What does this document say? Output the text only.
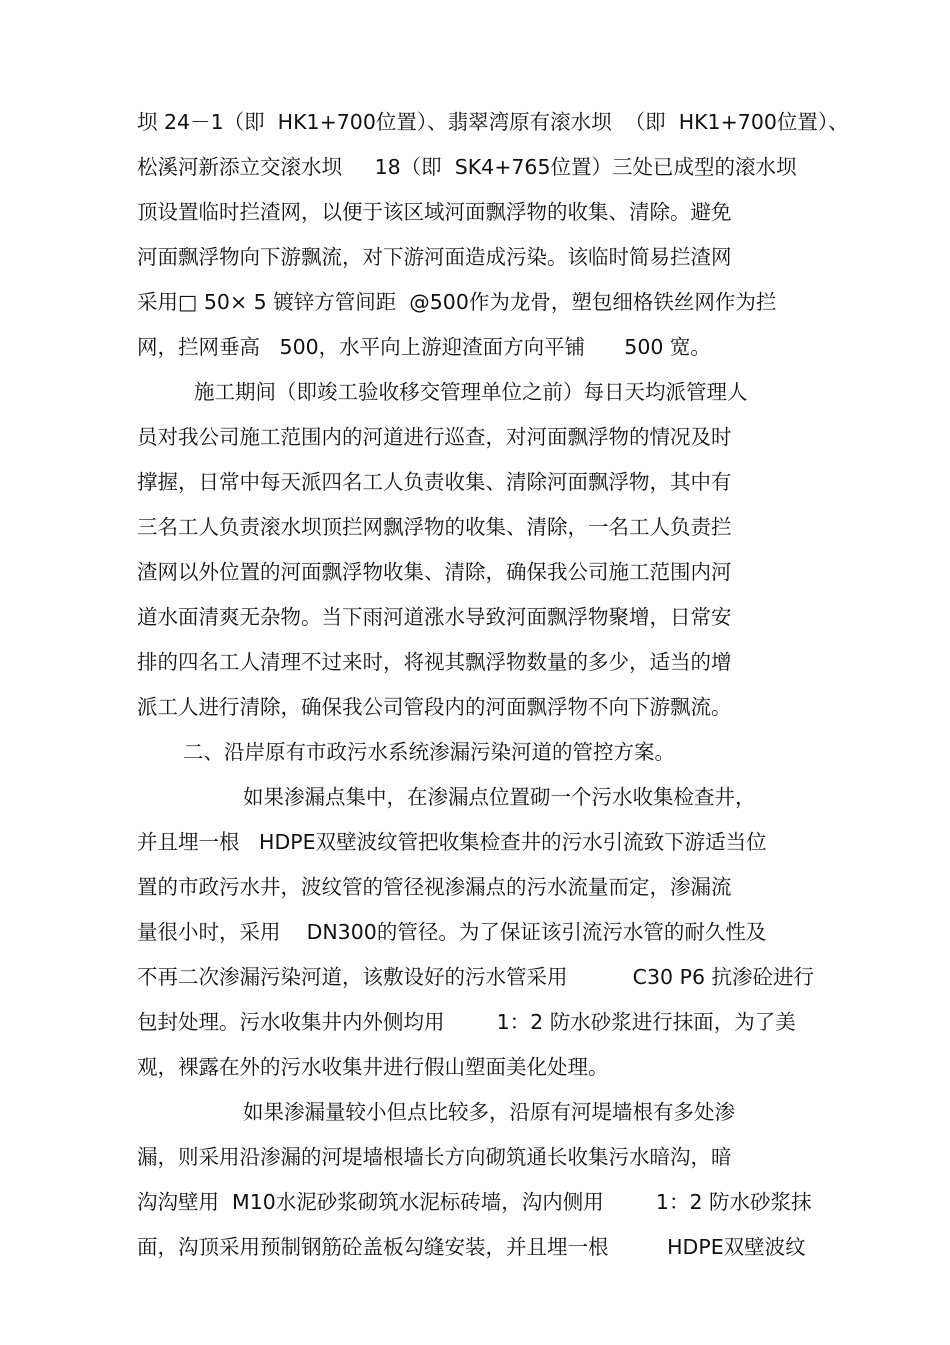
坝 24－1（即  HK1+700位置）、翡翠湾原有滚水坝  （即  HK1+700位置）、

松溪河新添立交滚水坝     18（即  SK4+765位置）三处已成型的滚水坝

顶设置临时拦渣网，以便于该区域河面飘浮物的收集、清除。避免

河面飘浮物向下游飘流，对下游河面造成污染。该临时简易拦渣网

采用□ 50× 5 镀锌方管间距  @500作为龙骨，塑包细格铁丝网作为拦

网，拦网垂高   500，水平向上游迎渣面方向平铺      500 宽。

施工期间（即竣工验收移交管理单位之前）每日天均派管理人

员对我公司施工范围内的河道进行巡查，对河面飘浮物的情况及时

撑握，日常中每天派四名工人负责收集、清除河面飘浮物，其中有

三名工人负责滚水坝顶拦网飘浮物的收集、清除，一名工人负责拦

渣网以外位置的河面飘浮物收集、清除，确保我公司施工范围内河

道水面清爽无杂物。当下雨河道涨水导致河面飘浮物聚增，日常安

排的四名工人清理不过来时，将视其飘浮物数量的多少，适当的增

派工人进行清除，确保我公司管段内的河面飘浮物不向下游飘流。

二、沿岸原有市政污水系统渗漏污染河道的管控方案。

如果渗漏点集中，在渗漏点位置砌一个污水收集检查井，

并且埋一根   HDPE双壁波纹管把收集检查井的污水引流致下游适当位

置的市政污水井，波纹管的管径视渗漏点的污水流量而定，渗漏流

量很小时，采用    DN300的管径。为了保证该引流污水管的耐久性及

不再二次渗漏污染河道，该敷设好的污水管采用          C30 P6 抗渗砼进行

包封处理。污水收集井内外侧均用        1：2 防水砂浆进行抹面，为了美

观，裸露在外的污水收集井进行假山塑面美化处理。

如果渗漏量较小但点比较多，沿原有河堤墙根有多处渗

漏，则采用沿渗漏的河堤墙根墙长方向砌筑通长收集污水暗沟，暗

沟沟壁用  M10水泥砂浆砌筑水泥标砖墙，沟内侧用        1：2 防水砂浆抹

面，沟顶采用预制钢筋砼盖板勾缝安装，并且埋一根         HDPE双壁波纹
